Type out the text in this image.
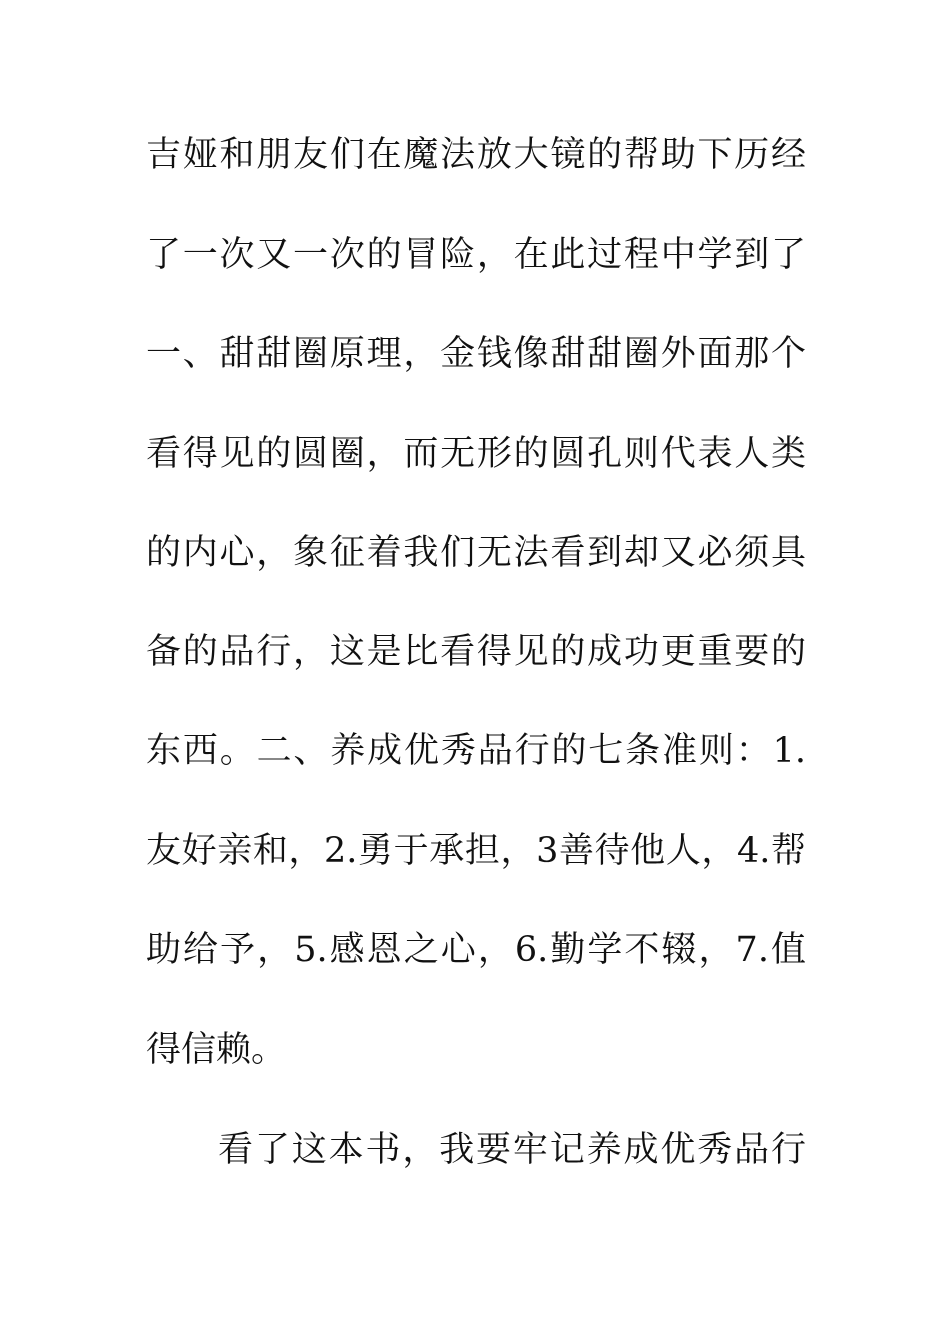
吉娅和朋友们在魔法放大镜的帮助下历经
了一次又一次的冒险，在此过程中学到了
一、甜甜圈原理，金钱像甜甜圈外面那个
看得见的圆圈，而无形的圆孔则代表人类
的内心，象征着我们无法看到却又必须具
备的品行，这是比看得见的成功更重要的
东西。二、养成优秀品行的七条准则：1.
友好亲和，2.勇于承担，3善待他人，4.帮
助给予，5.感恩之心，6.勤学不辍，7.值
得信赖。
看了这本书，我要牢记养成优秀品行
